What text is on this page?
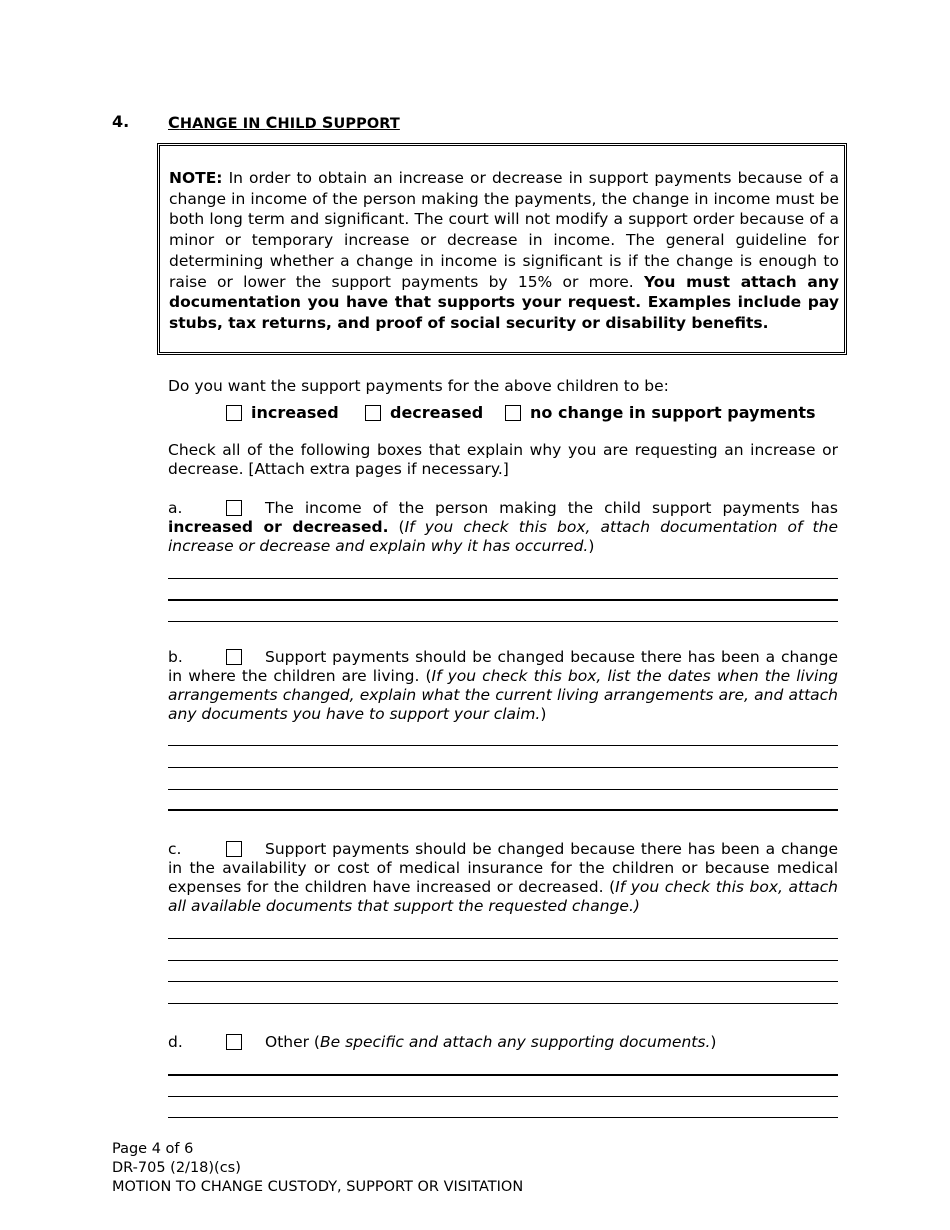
4. CHANGE IN CHILD SUPPORT
NOTE: In order to obtain an increase or decrease in support payments because of a change in income of the person making the payments, the change in income must be both long term and significant. The court will not modify a support order because of a minor or temporary increase or decrease in income. The general guideline for determining whether a change in income is significant is if the change is enough to raise or lower the support payments by 15% or more. You must attach any documentation you have that supports your request. Examples include pay stubs, tax returns, and proof of social security or disability benefits.
Do you want the support payments for the above children to be:
increased	decreased	no change in support payments
Check all of the following boxes that explain why you are requesting an increase or decrease. [Attach extra pages if necessary.]
a.	The income of the person making the child support payments has increased or decreased. (If you check this box, attach documentation of the increase or decrease and explain why it has occurred.)
b.	Support payments should be changed because there has been a change in where the children are living. (If you check this box, list the dates when the living arrangements changed, explain what the current living arrangements are, and attach any documents you have to support your claim.)
c.	Support payments should be changed because there has been a change in the availability or cost of medical insurance for the children or because medical expenses for the children have increased or decreased. (If you check this box, attach all available documents that support the requested change.)
d.	Other (Be specific and attach any supporting documents.)
Page 4 of 6
DR-705 (2/18)(cs)
MOTION TO CHANGE CUSTODY, SUPPORT OR VISITATION
